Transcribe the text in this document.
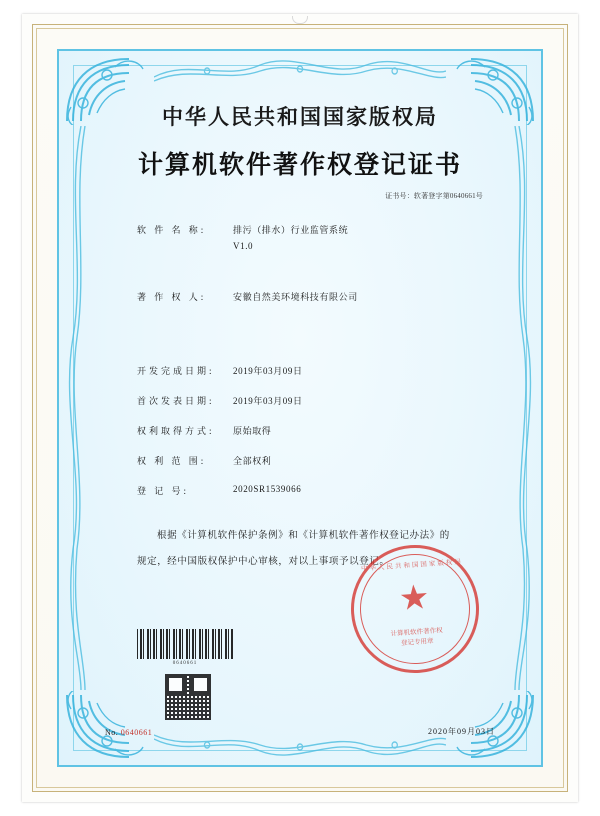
中华人民共和国国家版权局
计算机软件著作权登记证书
证书号：软著登字第0640661号
软 件 名 称:	排污（排水）行业监管系统
V1.0
著 作 权 人:	安徽自然美环境科技有限公司
开发完成日期:	2019年03月09日
首次发表日期:	2019年03月09日
权利取得方式:	原始取得
权 利 范 围:	全部权利
登 记 号:	2020SR1539066
根据《计算机软件保护条例》和《计算机软件著作权登记办法》的
规定，经中国版权保护中心审核，对以上事项予以登记。
0640661
中华人民共和国国家版权局
★
计算机软件著作权
登记专用章
No. 0640661	2020年09月03日
